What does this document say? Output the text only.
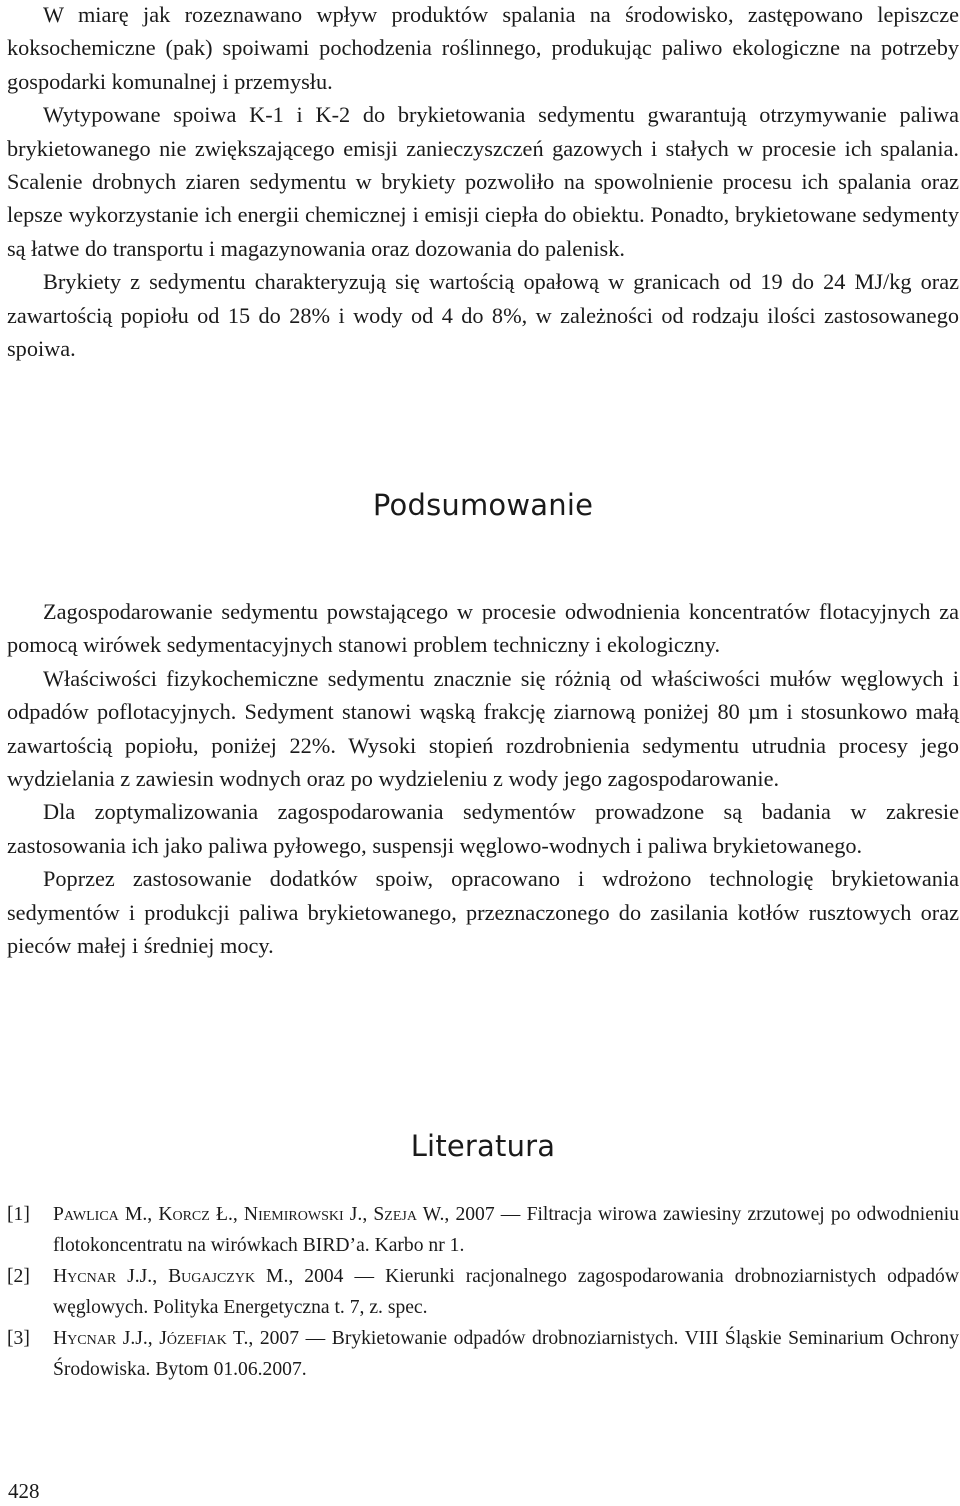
W miarę jak rozeznawano wpływ produktów spalania na środowisko, zastępowano lepiszcze koksochemiczne (pak) spoiwami pochodzenia roślinnego, produkując paliwo ekologiczne na potrzeby gospodarki komunalnej i przemysłu.

Wytypowane spoiwa K-1 i K-2 do brykietowania sedymentu gwarantują otrzymywanie paliwa brykietowanego nie zwiększającego emisji zanieczyszczeń gazowych i stałych w procesie ich spalania. Scalenie drobnych ziaren sedymentu w brykiety pozwoliło na spowolnienie procesu ich spalania oraz lepsze wykorzystanie ich energii chemicznej i emisji ciepła do obiektu. Ponadto, brykietowane sedymenty są łatwe do transportu i magazynowania oraz dozowania do palenisk.

Brykiety z sedymentu charakteryzują się wartością opałową w granicach od 19 do 24 MJ/kg oraz zawartością popiołu od 15 do 28% i wody od 4 do 8%, w zależności od rodzaju ilości zastosowanego spoiwa.

Podsumowanie

Zagospodarowanie sedymentu powstającego w procesie odwodnienia koncentratów flotacyjnych za pomocą wirówek sedymentacyjnych stanowi problem techniczny i ekologiczny.

Właściwości fizykochemiczne sedymentu znacznie się różnią od właściwości mułów węglowych i odpadów poflotacyjnych. Sedyment stanowi wąską frakcję ziarnową poniżej 80 µm i stosunkowo małą zawartością popiołu, poniżej 22%. Wysoki stopień rozdrobnienia sedymentu utrudnia procesy jego wydzielania z zawiesin wodnych oraz po wydzieleniu z wody jego zagospodarowanie.

Dla zoptymalizowania zagospodarowania sedymentów prowadzone są badania w zakresie zastosowania ich jako paliwa pyłowego, suspensji węglowo-wodnych i paliwa brykietowanego.

Poprzez zastosowanie dodatków spoiw, opracowano i wdrożono technologię brykietowania sedymentów i produkcji paliwa brykietowanego, przeznaczonego do zasilania kotłów rusztowych oraz pieców małej i średniej mocy.

Literatura
[1] Pawlica M., Korcz Ł., Niemirowski J., Szeja W., 2007 — Filtracja wirowa zawiesiny zrzutowej po odwodnieniu flotokoncentratu na wirówkach BIRD’a. Karbo nr 1.
[2] Hycnar J.J., Bugajczyk M., 2004 — Kierunki racjonalnego zagospodarowania drobnoziarnistych odpadów węglowych. Polityka Energetyczna t. 7, z. spec.
[3] Hycnar J.J., Józefiak T., 2007 — Brykietowanie odpadów drobnoziarnistych. VIII Śląskie Seminarium Ochrony Środowiska. Bytom 01.06.2007.
428
